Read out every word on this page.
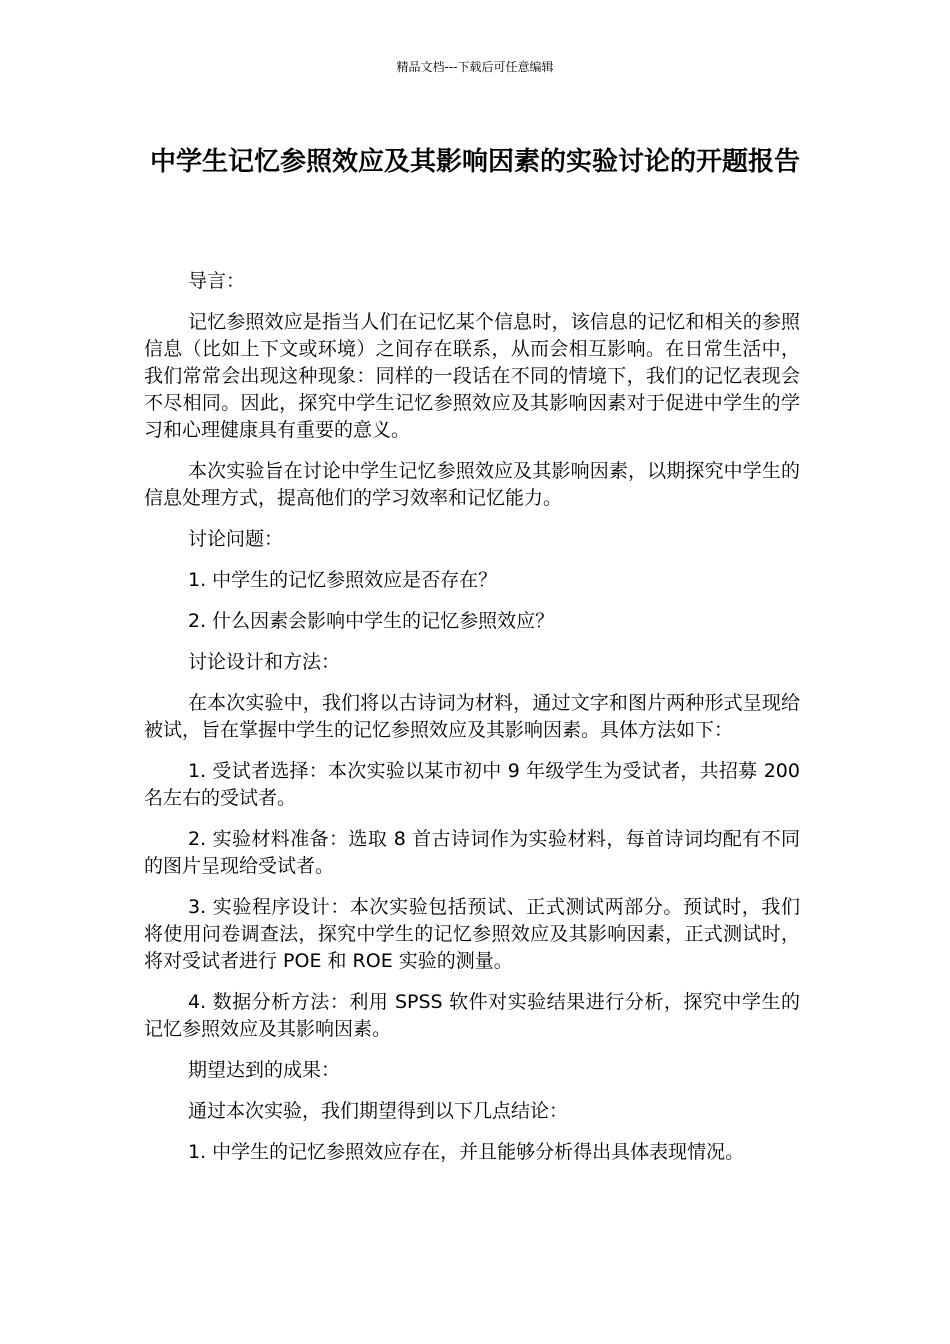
精品文档---下载后可任意编辑
中学生记忆参照效应及其影响因素的实验讨论的开题报告

导言：

记忆参照效应是指当人们在记忆某个信息时，该信息的记忆和相关的参照信息（比如上下文或环境）之间存在联系，从而会相互影响。在日常生活中，我们常常会出现这种现象：同样的一段话在不同的情境下，我们的记忆表现会不尽相同。因此，探究中学生记忆参照效应及其影响因素对于促进中学生的学习和心理健康具有重要的意义。

本次实验旨在讨论中学生记忆参照效应及其影响因素，以期探究中学生的信息处理方式，提高他们的学习效率和记忆能力。

讨论问题：

1. 中学生的记忆参照效应是否存在？

2. 什么因素会影响中学生的记忆参照效应？

讨论设计和方法：

在本次实验中，我们将以古诗词为材料，通过文字和图片两种形式呈现给被试，旨在掌握中学生的记忆参照效应及其影响因素。具体方法如下：

1. 受试者选择：本次实验以某市初中 9 年级学生为受试者，共招募 200 名左右的受试者。

2. 实验材料准备：选取 8 首古诗词作为实验材料，每首诗词均配有不同的图片呈现给受试者。

3. 实验程序设计：本次实验包括预试、正式测试两部分。预试时，我们将使用问卷调查法，探究中学生的记忆参照效应及其影响因素，正式测试时，将对受试者进行 POE 和 ROE 实验的测量。

4. 数据分析方法：利用 SPSS 软件对实验结果进行分析，探究中学生的记忆参照效应及其影响因素。

期望达到的成果：

通过本次实验，我们期望得到以下几点结论：

1. 中学生的记忆参照效应存在，并且能够分析得出具体表现情况。
